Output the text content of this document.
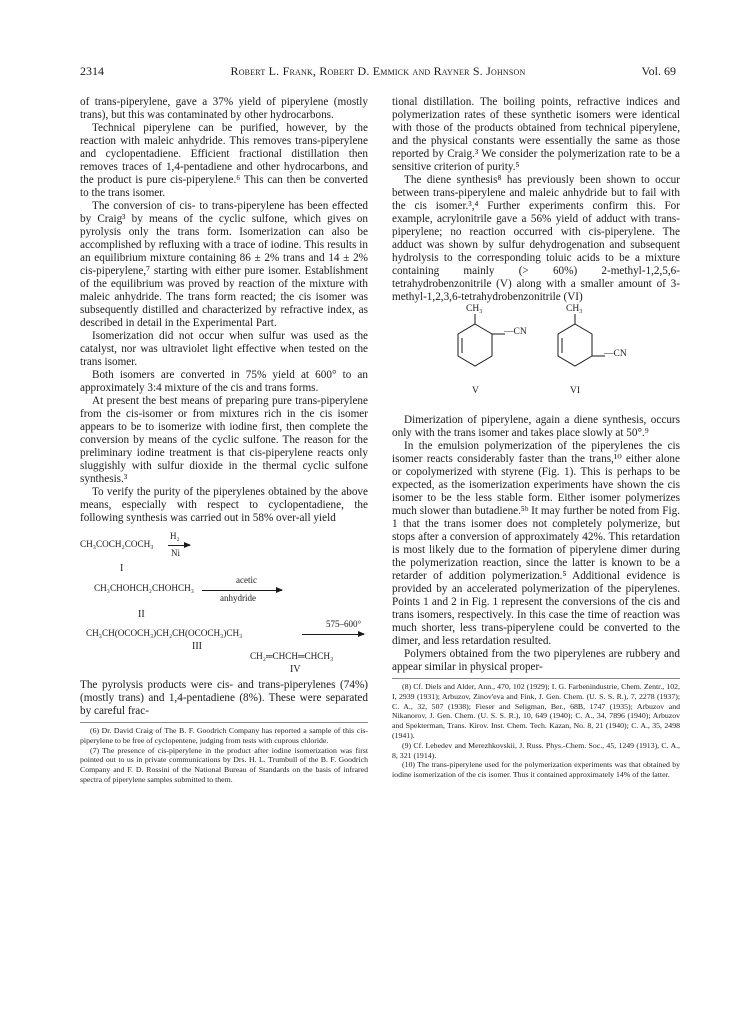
2314	Robert L. Frank, Robert D. Emmick and Rayner S. Johnson	Vol. 69

of trans-piperylene, gave a 37% yield of piperylene (mostly trans), but this was contaminated by other hydrocarbons.

Technical piperylene can be purified, however, by the reaction with maleic anhydride. This removes trans-piperylene and cyclopentadiene. Efficient fractional distillation then removes traces of 1,4-pentadiene and other hydrocarbons, and the product is pure cis-piperylene.⁶ This can then be converted to the trans isomer.

The conversion of cis- to trans-piperylene has been effected by Craig³ by means of the cyclic sulfone, which gives on pyrolysis only the trans form. Isomerization can also be accomplished by refluxing with a trace of iodine. This results in an equilibrium mixture containing 86 ± 2% trans and 14 ± 2% cis-piperylene,⁷ starting with either pure isomer. Establishment of the equilibrium was proved by reaction of the mixture with maleic anhydride. The trans form reacted; the cis isomer was subsequently distilled and characterized by refractive index, as described in detail in the Experimental Part.

Isomerization did not occur when sulfur was used as the catalyst, nor was ultraviolet light effective when tested on the trans isomer.

Both isomers are converted in 75% yield at 600° to an approximately 3:4 mixture of the cis and trans forms.

At present the best means of preparing pure trans-piperylene from the cis-isomer or from mixtures rich in the cis isomer appears to be to isomerize with iodine first, then complete the conversion by means of the cyclic sulfone. The reason for the preliminary iodine treatment is that cis-piperylene reacts only sluggishly with sulfur dioxide in the thermal cyclic sulfone synthesis.³

To verify the purity of the piperylenes obtained by the above means, especially with respect to cyclopentadiene, the following synthesis was carried out in 58% over-all yield

H₂
CH₃COCH₂COCH₃
Ni
I
acetic
CH₃CHOHCH₂CHOHCH₃
anhydride
II
575–600°
CH₃CH(OCOCH₃)CH₂CH(OCOCH₃)CH₃
III
CH₂═CHCH═CHCH₃
IV

The pyrolysis products were cis- and trans-piperylenes (74%) (mostly trans) and 1,4-pentadiene (8%). These were separated by careful frac-

(6) Dr. David Craig of The B. F. Goodrich Company has reported a sample of this cis-piperylene to be free of cyclopentene, judging from tests with cuprous chloride.

(7) The presence of cis-piperylene in the product after iodine isomerization was first pointed out to us in private communications by Drs. H. L. Trumbull of the B. F. Goodrich Company and F. D. Rossini of the National Bureau of Standards on the basis of infrared spectra of piperylene samples submitted to them.

tional distillation. The boiling points, refractive indices and polymerization rates of these synthetic isomers were identical with those of the products obtained from technical piperylene, and the physical constants were essentially the same as those reported by Craig.³ We consider the polymerization rate to be a sensitive criterion of purity.⁵

The diene synthesis⁸ has previously been shown to occur between trans-piperylene and maleic anhydride but to fail with the cis isomer.³,⁴ Further experiments confirm this. For example, acrylonitrile gave a 56% yield of adduct with trans-piperylene; no reaction occurred with cis-piperylene. The adduct was shown by sulfur dehydrogenation and subsequent hydrolysis to the corresponding toluic acids to be a mixture containing mainly (> 60%) 2-methyl-1,2,5,6-tetrahydrobenzonitrile (V) along with a smaller amount of 3-methyl-1,2,3,6-tetrahydrobenzonitrile (VI)

CH₃
—CN
V
CH₃
—CN
VI

Dimerization of piperylene, again a diene synthesis, occurs only with the trans isomer and takes place slowly at 50°.⁹

In the emulsion polymerization of the piperylenes the cis isomer reacts considerably faster than the trans,¹⁰ either alone or copolymerized with styrene (Fig. 1). This is perhaps to be expected, as the isomerization experiments have shown the cis isomer to be the less stable form. Either isomer polymerizes much slower than butadiene.⁵ᵇ It may further be noted from Fig. 1 that the trans isomer does not completely polymerize, but stops after a conversion of approximately 42%. This retardation is most likely due to the formation of piperylene dimer during the polymerization reaction, since the latter is known to be a retarder of addition polymerization.⁵ Additional evidence is provided by an accelerated polymerization of the piperylenes. Points 1 and 2 in Fig. 1 represent the conversions of the cis and trans isomers, respectively. In this case the time of reaction was much shorter, less trans-piperylene could be converted to the dimer, and less retardation resulted.

Polymers obtained from the two piperylenes are rubbery and appear similar in physical proper-

(8) Cf. Diels and Alder, Ann., 470, 102 (1929); I. G. Farbenindustrie, Chem. Zentr., 102, I, 2939 (1931); Arbuzov, Zinov'eva and Fink, J. Gen. Chem. (U. S. S. R.), 7, 2278 (1937); C. A., 32, 507 (1938); Fieser and Seligman, Ber., 68B, 1747 (1935); Arbuzov and Nikanorov, J. Gen. Chem. (U. S. S. R.), 10, 649 (1940); C. A., 34, 7896 (1940); Arbuzov and Spekterman, Trans. Kirov. Inst. Chem. Tech. Kazan, No. 8, 21 (1940); C. A., 35, 2498 (1941).

(9) Cf. Lebedev and Merezhkovskii, J. Russ. Phys.-Chem. Soc., 45, 1249 (1913), C. A., 8, 321 (1914).

(10) The trans-piperylene used for the polymerization experiments was that obtained by iodine isomerization of the cis isomer. Thus it contained approximately 14% of the latter.
